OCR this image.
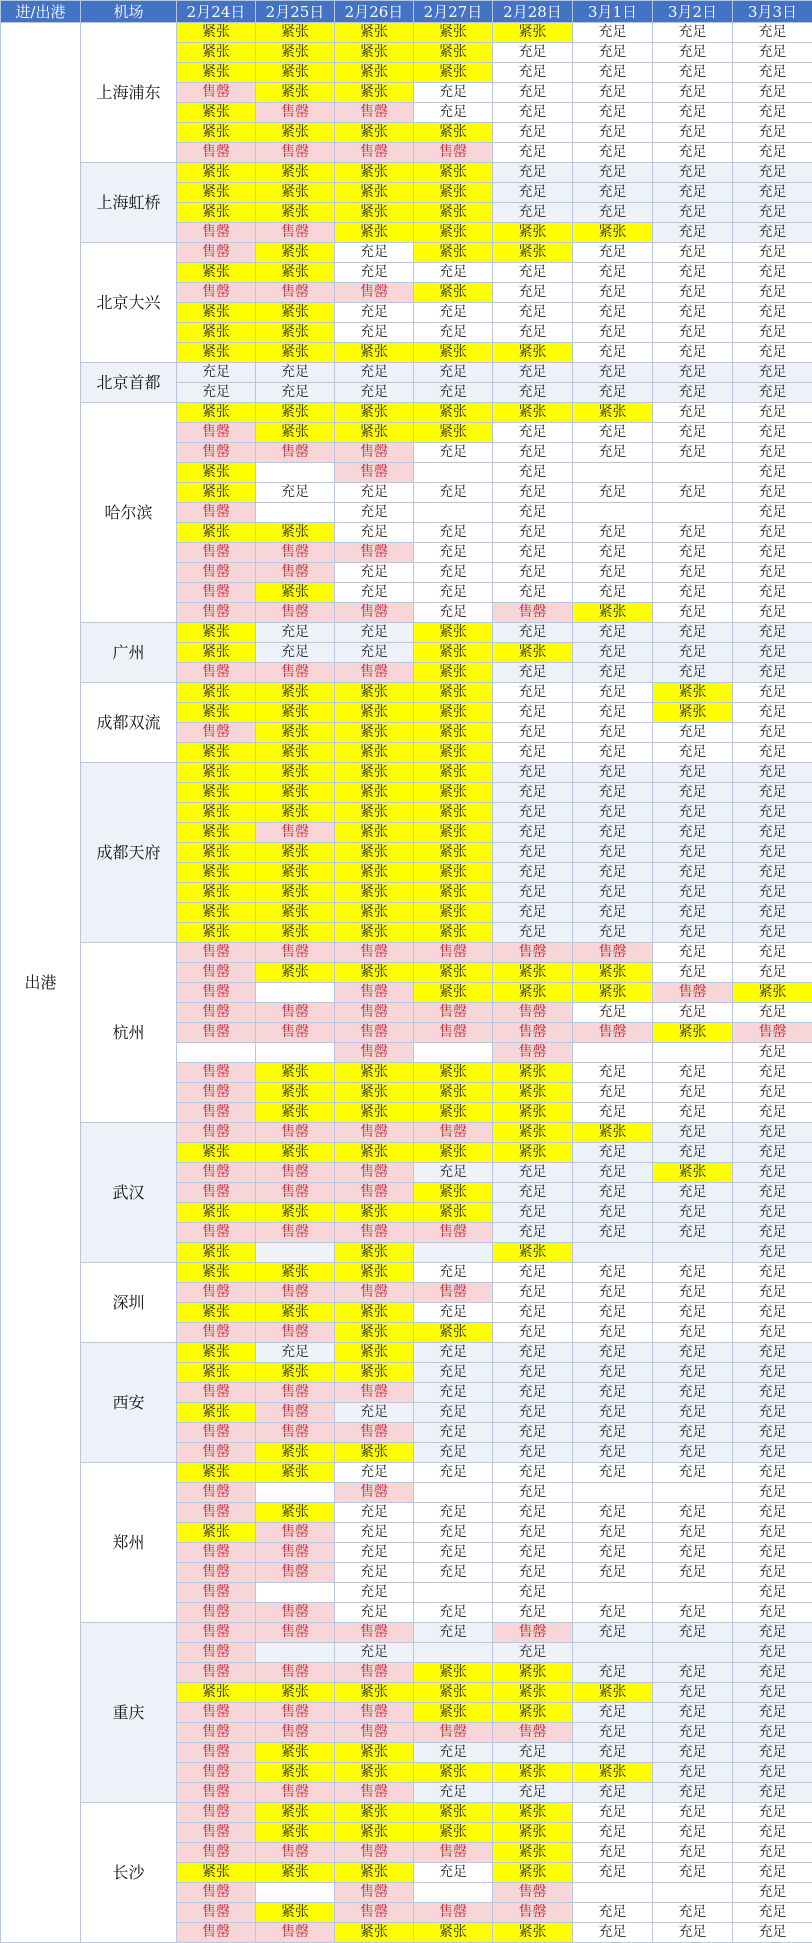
进/出港	机场	2月24日	2月25日	2月26日	2月27日	2月28日	3月1日	3月2日	3月3日
出港	上海浦东	紧张	紧张	紧张	紧张	紧张	充足	充足	充足
		紧张	紧张	紧张	紧张	充足	充足	充足	充足
		紧张	紧张	紧张	紧张	充足	充足	充足	充足
		售罄	紧张	紧张	充足	充足	充足	充足	充足
		紧张	售罄	售罄	充足	充足	充足	充足	充足
		紧张	紧张	紧张	紧张	充足	充足	充足	充足
		售罄	售罄	售罄	售罄	充足	充足	充足	充足
	上海虹桥	紧张	紧张	紧张	紧张	充足	充足	充足	充足
		紧张	紧张	紧张	紧张	充足	充足	充足	充足
		紧张	紧张	紧张	紧张	充足	充足	充足	充足
		售罄	售罄	紧张	紧张	紧张	紧张	充足	充足
	北京大兴	售罄	紧张	充足	紧张	紧张	充足	充足	充足
		紧张	紧张	充足	充足	充足	充足	充足	充足
		售罄	售罄	售罄	紧张	充足	充足	充足	充足
		紧张	紧张	充足	充足	充足	充足	充足	充足
		紧张	紧张	充足	充足	充足	充足	充足	充足
		紧张	紧张	紧张	紧张	紧张	充足	充足	充足
	北京首都	充足	充足	充足	充足	充足	充足	充足	充足
		充足	充足	充足	充足	充足	充足	充足	充足
	哈尔滨	紧张	紧张	紧张	紧张	紧张	紧张	充足	充足
		售罄	紧张	紧张	紧张	充足	充足	充足	充足
		售罄	售罄	售罄	充足	充足	充足	充足	充足
		紧张		售罄		充足			充足
		紧张	充足	充足	充足	充足	充足	充足	充足
		售罄		充足		充足			充足
		紧张	紧张	充足	充足	充足	充足	充足	充足
		售罄	售罄	售罄	充足	充足	充足	充足	充足
		售罄	售罄	充足	充足	充足	充足	充足	充足
		售罄	紧张	充足	充足	充足	充足	充足	充足
		售罄	售罄	售罄	充足	售罄	紧张	充足	充足
	广州	紧张	充足	充足	紧张	充足	充足	充足	充足
		紧张	充足	充足	紧张	紧张	充足	充足	充足
		售罄	售罄	售罄	紧张	充足	充足	充足	充足
	成都双流	紧张	紧张	紧张	紧张	充足	充足	紧张	充足
		紧张	紧张	紧张	紧张	充足	充足	紧张	充足
		售罄	紧张	紧张	紧张	充足	充足	充足	充足
		紧张	紧张	紧张	紧张	充足	充足	充足	充足
	成都天府	紧张	紧张	紧张	紧张	充足	充足	充足	充足
		紧张	紧张	紧张	紧张	充足	充足	充足	充足
		紧张	紧张	紧张	紧张	充足	充足	充足	充足
		紧张	售罄	紧张	紧张	充足	充足	充足	充足
		紧张	紧张	紧张	紧张	充足	充足	充足	充足
		紧张	紧张	紧张	紧张	充足	充足	充足	充足
		紧张	紧张	紧张	紧张	充足	充足	充足	充足
		紧张	紧张	紧张	紧张	充足	充足	充足	充足
		紧张	紧张	紧张	紧张	充足	充足	充足	充足
	杭州	售罄	售罄	售罄	售罄	售罄	售罄	充足	充足
		售罄	紧张	紧张	紧张	紧张	紧张	充足	充足
		售罄		售罄	紧张	紧张	紧张	售罄	紧张
		售罄	售罄	售罄	售罄	售罄	充足	充足	充足
		售罄	售罄	售罄	售罄	售罄	售罄	紧张	售罄
				售罄		售罄			充足
		售罄	紧张	紧张	紧张	紧张	充足	充足	充足
		售罄	紧张	紧张	紧张	紧张	充足	充足	充足
		售罄	紧张	紧张	紧张	紧张	充足	充足	充足
	武汉	售罄	售罄	售罄	售罄	紧张	紧张	充足	充足
		紧张	紧张	紧张	紧张	紧张	充足	充足	充足
		售罄	售罄	售罄	充足	充足	充足	紧张	充足
		售罄	售罄	售罄	紧张	充足	充足	充足	充足
		紧张	紧张	紧张	紧张	充足	充足	充足	充足
		售罄	售罄	售罄	售罄	充足	充足	充足	充足
		紧张		紧张		紧张			充足
	深圳	紧张	紧张	紧张	充足	充足	充足	充足	充足
		售罄	售罄	售罄	售罄	充足	充足	充足	充足
		紧张	紧张	紧张	充足	充足	充足	充足	充足
		售罄	售罄	紧张	紧张	充足	充足	充足	充足
	西安	紧张	充足	紧张	充足	充足	充足	充足	充足
		紧张	紧张	紧张	充足	充足	充足	充足	充足
		售罄	售罄	售罄	充足	充足	充足	充足	充足
		紧张	售罄	充足	充足	充足	充足	充足	充足
		售罄	售罄	售罄	充足	充足	充足	充足	充足
		售罄	紧张	紧张	充足	充足	充足	充足	充足
	郑州	紧张	紧张	充足	充足	充足	充足	充足	充足
		售罄		售罄		充足			充足
		售罄	紧张	充足	充足	充足	充足	充足	充足
		紧张	售罄	充足	充足	充足	充足	充足	充足
		售罄	售罄	充足	充足	充足	充足	充足	充足
		售罄	售罄	充足	充足	充足	充足	充足	充足
		售罄		充足		充足			充足
		售罄	售罄	充足	充足	充足	充足	充足	充足
	重庆	售罄	售罄	售罄	充足	售罄	充足	充足	充足
		售罄		充足		充足			充足
		售罄	售罄	售罄	紧张	紧张	充足	充足	充足
		紧张	紧张	紧张	紧张	紧张	紧张	充足	充足
		售罄	售罄	售罄	紧张	紧张	充足	充足	充足
		售罄	售罄	售罄	售罄	售罄	充足	充足	充足
		售罄	紧张	紧张	充足	充足	充足	充足	充足
		售罄	紧张	紧张	紧张	紧张	紧张	充足	充足
		售罄	售罄	售罄	充足	充足	充足	充足	充足
	长沙	售罄	紧张	紧张	紧张	紧张	充足	充足	充足
		售罄	紧张	紧张	紧张	紧张	充足	充足	充足
		售罄	售罄	售罄	售罄	紧张	充足	充足	充足
		紧张	紧张	紧张	充足	紧张	充足	充足	充足
		售罄		售罄		售罄			充足
		售罄	紧张	售罄	售罄	售罄	充足	充足	充足
		售罄	售罄	紧张	紧张	紧张	充足	充足	充足
